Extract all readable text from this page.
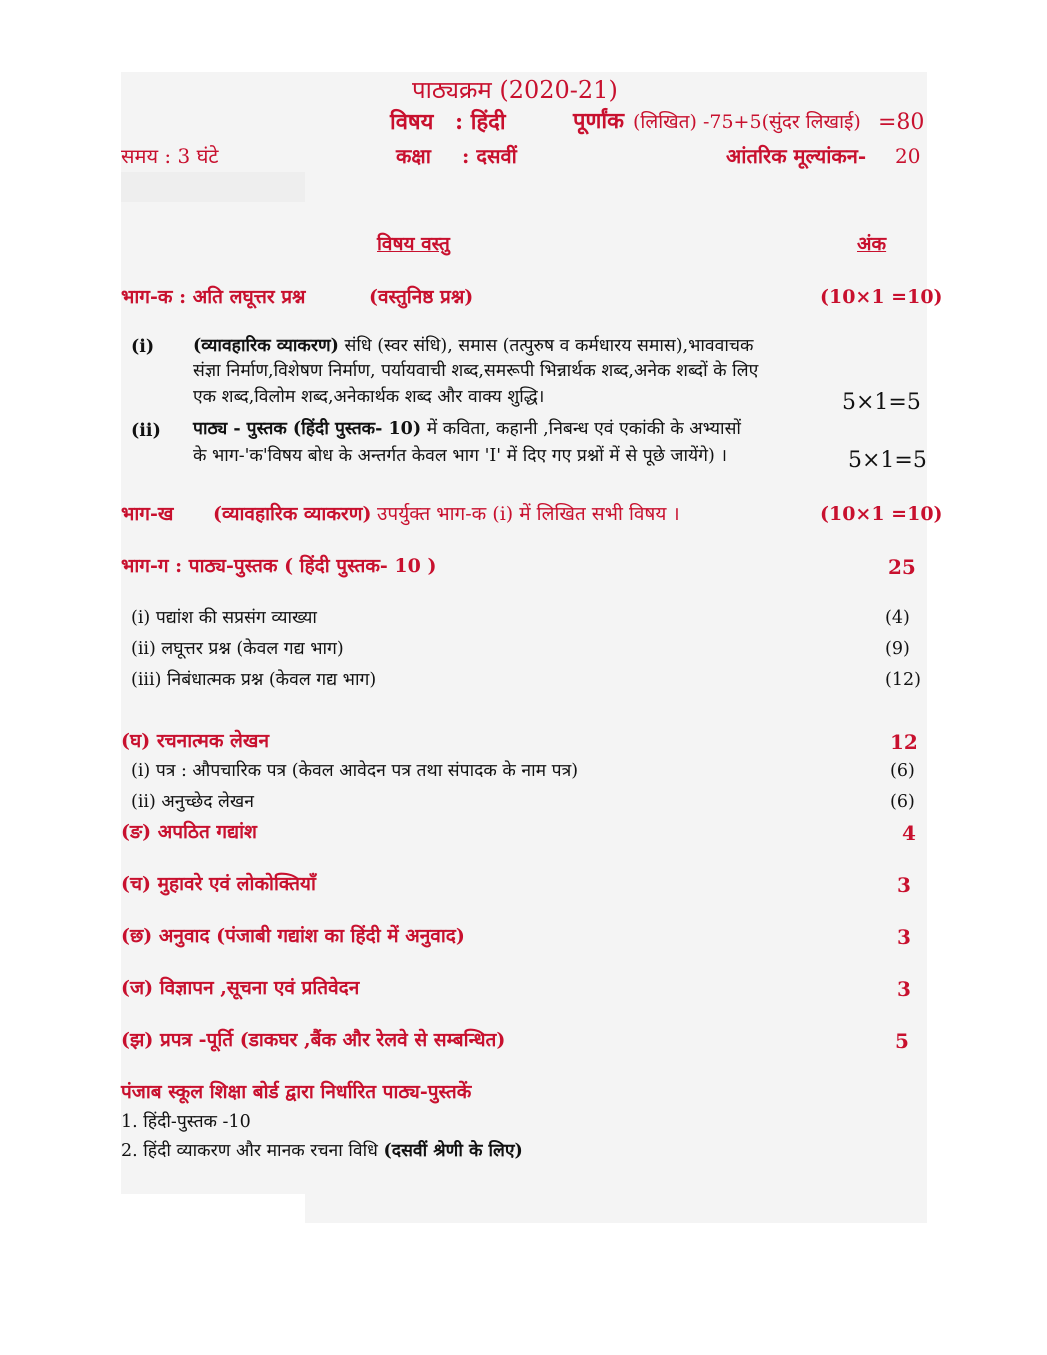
पाठ्यक्रम (2020-21)
विषय : हिंदी	पूर्णांक (लिखित) -75+5(सुंदर लिखाई) =80
समय : 3 घंटे	कक्षा : दसवीं	आंतरिक मूल्यांकन- 20
विषय वस्तु	अंक
भाग-क : अति लघूत्तर प्रश्न	(वस्तुनिष्ठ प्रश्न)	(10×1 =10)
(i) (व्यावहारिक व्याकरण) संधि (स्वर संधि), समास (तत्पुरुष व कर्मधारय समास),भाववाचक
संज्ञा निर्माण,विशेषण निर्माण, पर्यायवाची शब्द,समरूपी भिन्नार्थक शब्द,अनेक शब्दों के लिए
एक शब्द,विलोम शब्द,अनेकार्थक शब्द और वाक्य शुद्धि।	5×1=5
(ii) पाठ्य - पुस्तक (हिंदी पुस्तक- 10) में कविता, कहानी ,निबन्ध एवं एकांकी के अभ्यासों
के भाग-'क'विषय बोध के अन्तर्गत केवल भाग 'I' में दिए गए प्रश्नों में से पूछे जायेंगे) ।	5×1=5
भाग-ख (व्यावहारिक व्याकरण) उपर्युक्त भाग-क (i) में लिखित सभी विषय ।	(10×1 =10)
भाग-ग : पाठ्य-पुस्तक ( हिंदी पुस्तक- 10 )	25
(i) पद्यांश की सप्रसंग व्याख्या	(4)
(ii) लघूत्तर प्रश्न (केवल गद्य भाग)	(9)
(iii) निबंधात्मक प्रश्न (केवल गद्य भाग)	(12)
(घ) रचनात्मक लेखन	12
(i) पत्र : औपचारिक पत्र (केवल आवेदन पत्र तथा संपादक के नाम पत्र)	(6)
(ii) अनुच्छेद लेखन	(6)
(ङ) अपठित गद्यांश	4
(च) मुहावरे एवं लोकोक्तियाँ	3
(छ) अनुवाद (पंजाबी गद्यांश का हिंदी में अनुवाद)	3
(ज) विज्ञापन ,सूचना एवं प्रतिवेदन	3
(झ) प्रपत्र -पूर्ति (डाकघर ,बैंक और रेलवे से सम्बन्धित)	5
पंजाब स्कूल शिक्षा बोर्ड द्वारा निर्धारित पाठ्य-पुस्तकें
1. हिंदी-पुस्तक -10
2. हिंदी व्याकरण और मानक रचना विधि (दसवीं श्रेणी के लिए)
